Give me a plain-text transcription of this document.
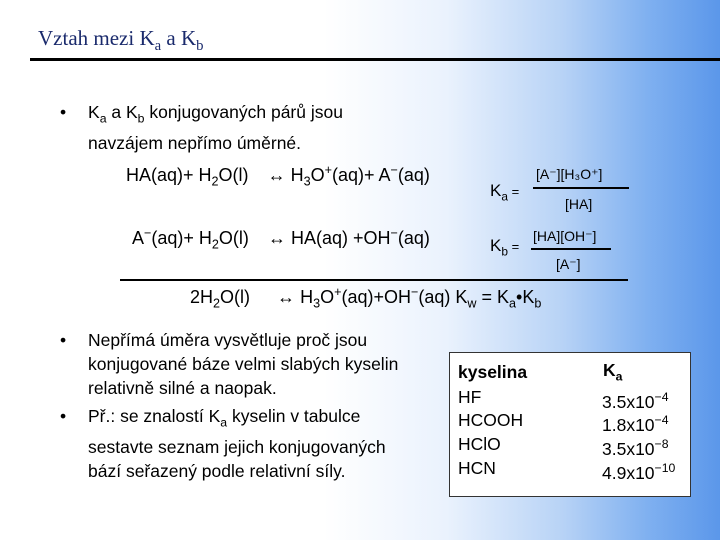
Vztah mezi $K_a$ a $K_b$
• $K_a$ a $K_b$ konjugovaných párů jsou
navzájem nepřímo úměrné.
$HA(aq)+ H_2O(l)$ ↔ $H_3O^+(aq)+ A^-(aq)$
$K_a$ =
[A⁻][H₃O⁺]
[HA]
$A^-(aq)+ H_2O(l)$ ↔ HA(aq) +OH−(aq)	$K_b$ =
[HA][OH⁻]
[A⁻]
$2H_2O(l)$ ↔ $H_3O^+(aq)+OH^-(aq) K_w$ = $K_a•K_b$
• Nepřímá úměra vysvětluje proč jsou
konjugované báze velmi slabých kyselin
relativně silné a naopak.
• Př.: se znalostí $K_a$ kyselin v tabulce
sestavte seznam jejich konjugovaných
bází seřazený podle relativní síly.
kyselina	$K_a$
HF	$3.5x10^{-4}$
HCOOH	$1.8x10^{-4}$
HClO	$3.5x10^{-8}$
HCN	$4.9x10^{-10}$
